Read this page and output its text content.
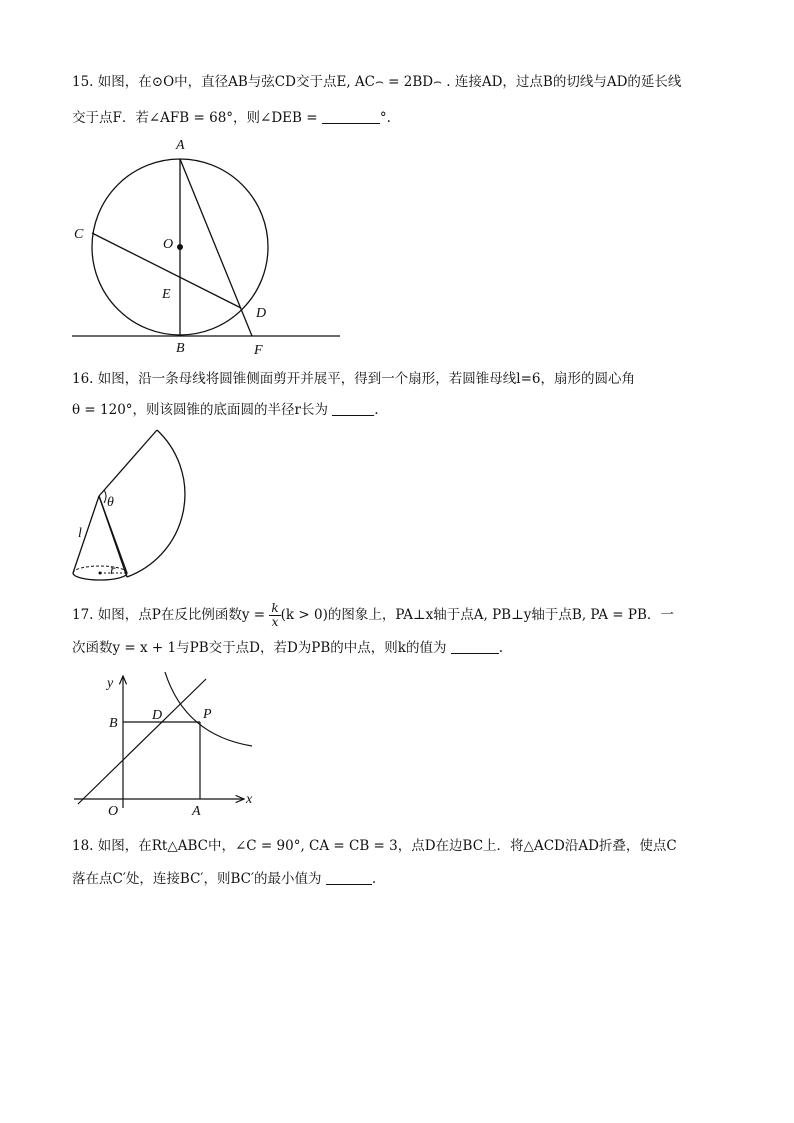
15. 如图，在⊙O中，直径AB与弦CD交于点E, AC⌢ = 2BD⌢ . 连接AD，过点B的切线与AD的延长线
交于点F．若∠AFB = 68°，则∠DEB =	°.
A
B
C
D
E
F
O
16. 如图，沿一条母线将圆锥侧面剪开并展平，得到一个扇形，若圆锥母线l=6，扇形的圆心角
θ = 120°，则该圆锥的底面圆的半径r长为	.
θ
l
r
17. 如图，点P在反比例函数$y = \frac{k}{x} (k > 0)$的图象上，PA⊥x轴于点A, PB⊥y轴于点B, PA = PB．一
次函数y = x + 1与PB交于点D，若D为PB的中点，则k的值为	.
y
x
O	A
B
D	P
18. 如图，在Rt△ABC中，∠C = 90°, CA = CB = 3，点D在边BC上．将△ACD沿AD折叠，使点C
落在点C′处，连接BC′，则BC′的最小值为	.
